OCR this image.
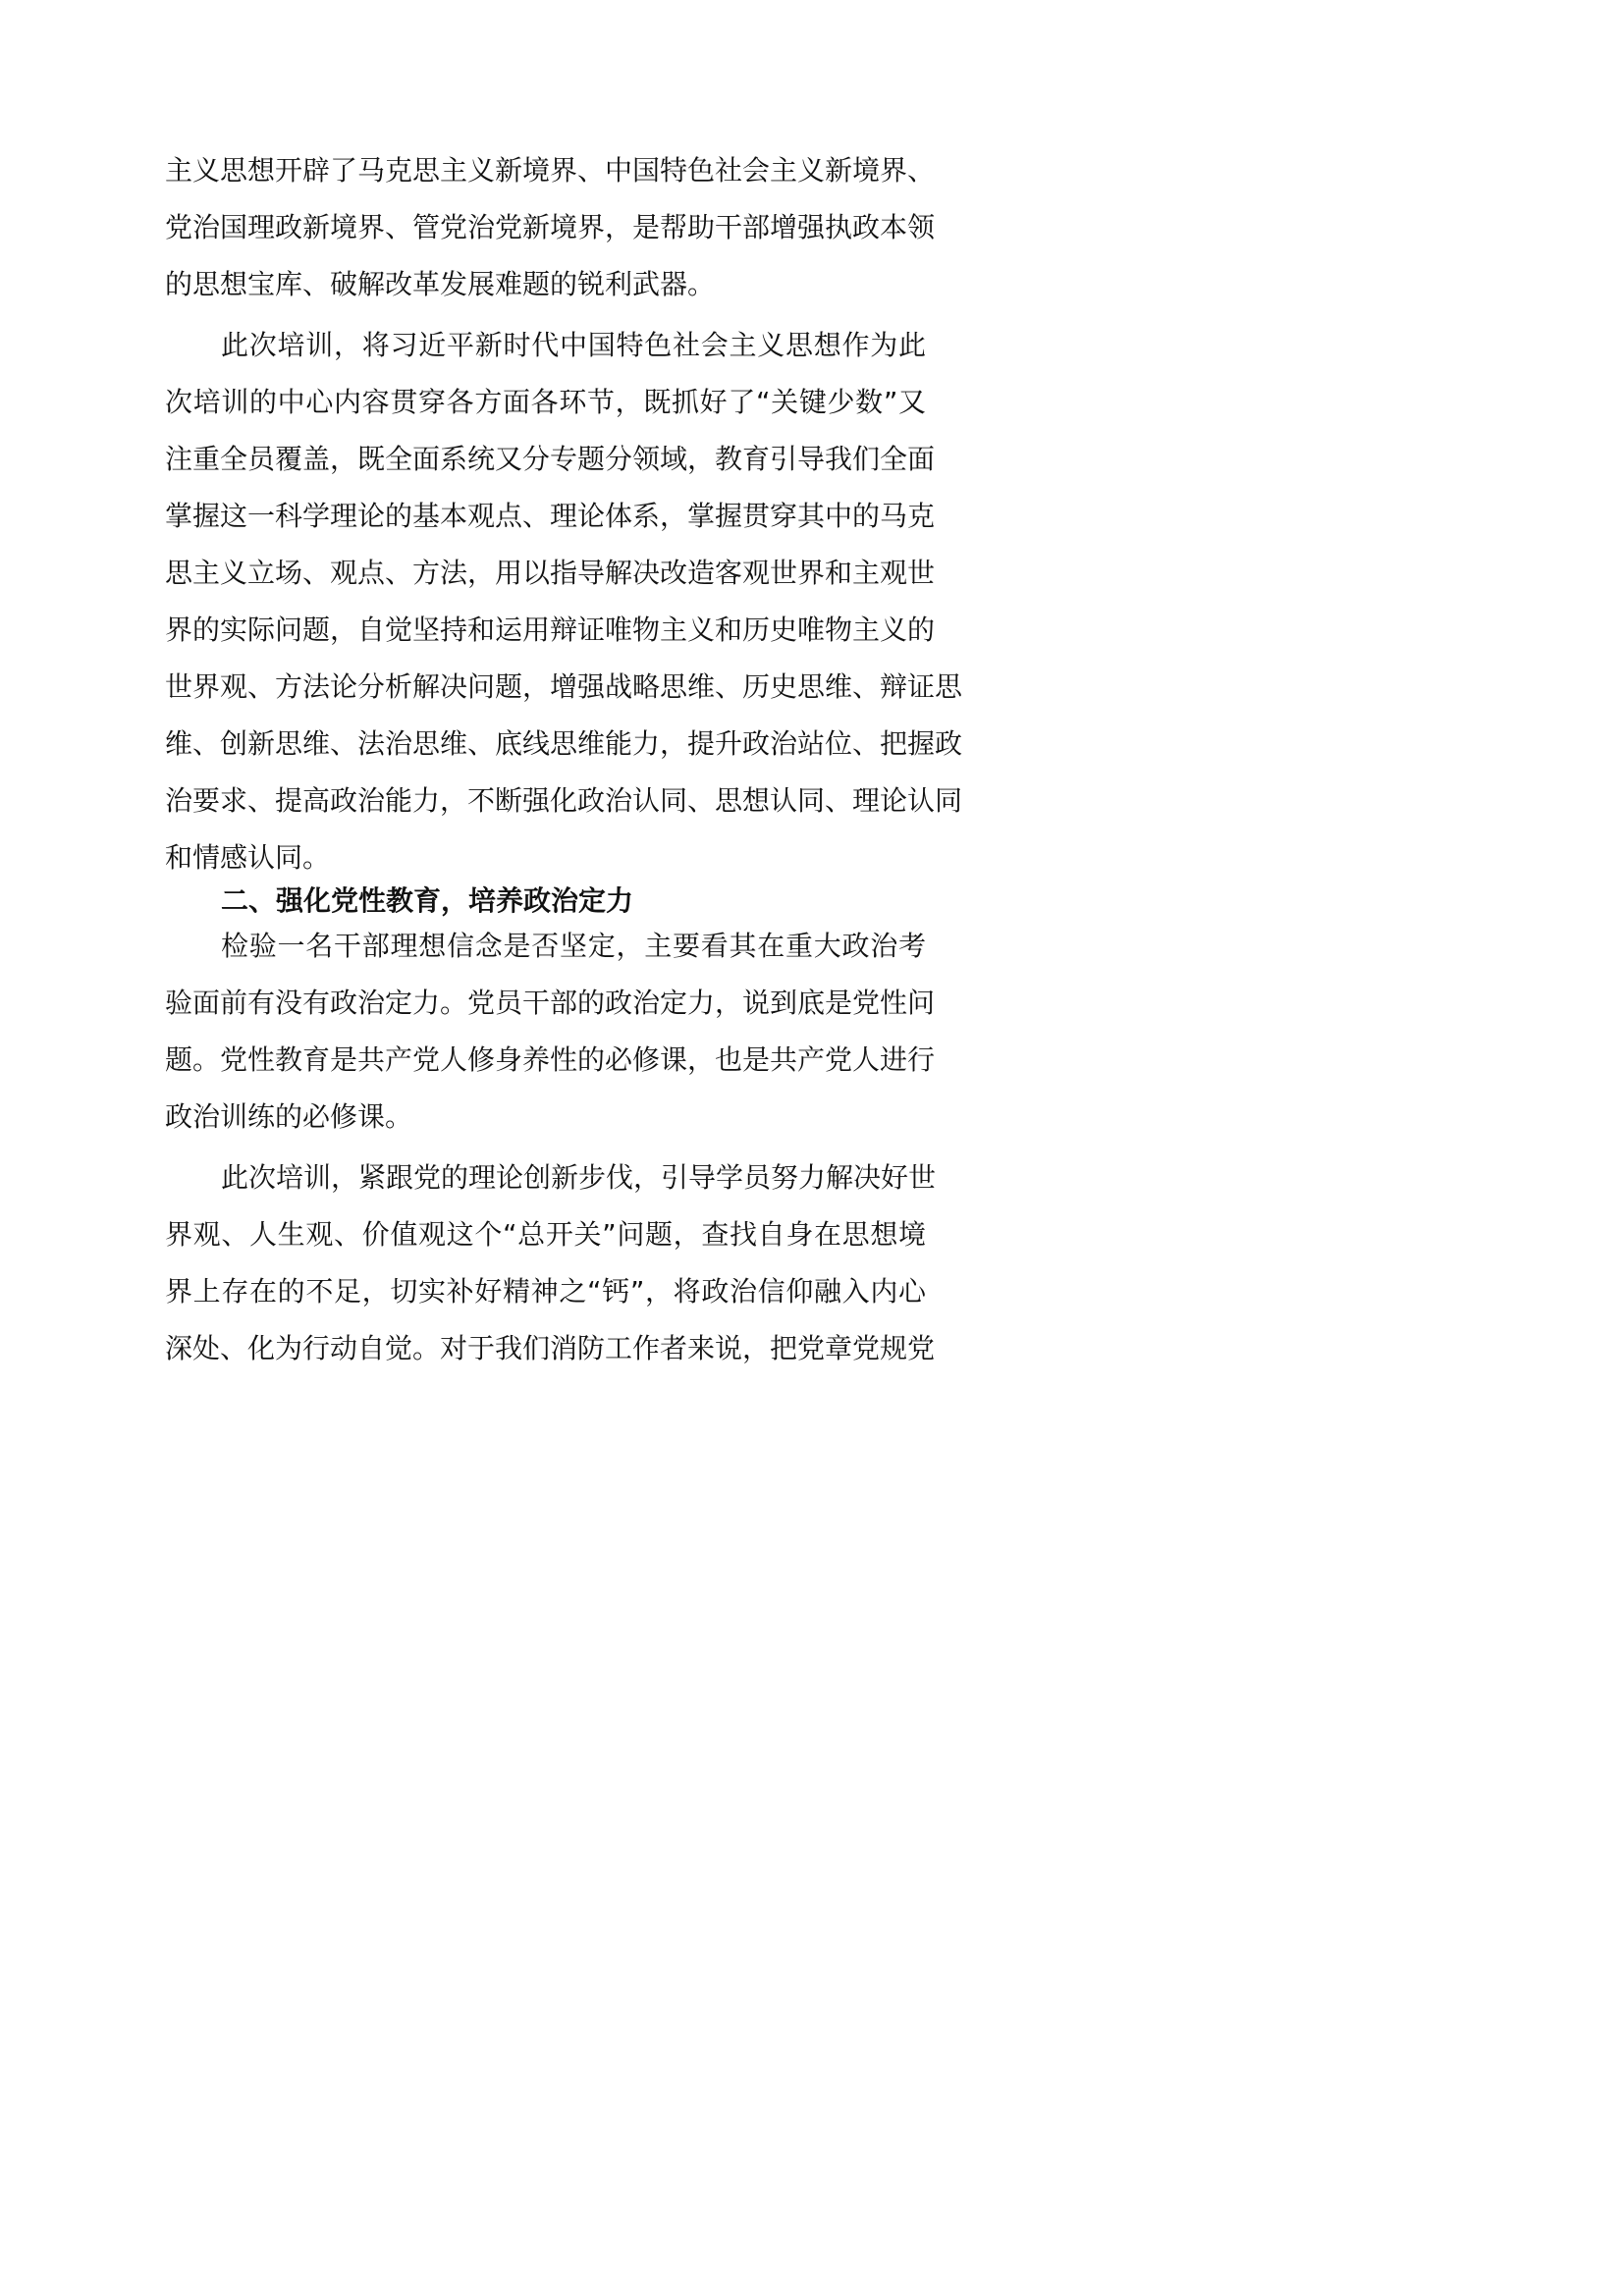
主义思想开辟了马克思主义新境界、中国特色社会主义新境界、

党治国理政新境界、管党治党新境界，是帮助干部增强执政本领

的思想宝库、破解改革发展难题的锐利武器。

此次培训，将习近平新时代中国特色社会主义思想作为此

次培训的中心内容贯穿各方面各环节，既抓好了“关键少数”又

注重全员覆盖，既全面系统又分专题分领域，教育引导我们全面

掌握这一科学理论的基本观点、理论体系，掌握贯穿其中的马克

思主义立场、观点、方法，用以指导解决改造客观世界和主观世

界的实际问题，自觉坚持和运用辩证唯物主义和历史唯物主义的

世界观、方法论分析解决问题，增强战略思维、历史思维、辩证思

维、创新思维、法治思维、底线思维能力，提升政治站位、把握政

治要求、提高政治能力，不断强化政治认同、思想认同、理论认同

和情感认同。

二、强化党性教育，培养政治定力

检验一名干部理想信念是否坚定，主要看其在重大政治考

验面前有没有政治定力。党员干部的政治定力，说到底是党性问

题。党性教育是共产党人修身养性的必修课，也是共产党人进行

政治训练的必修课。

此次培训，紧跟党的理论创新步伐，引导学员努力解决好世

界观、人生观、价值观这个“总开关”问题，查找自身在思想境

界上存在的不足，切实补好精神之“钙”，将政治信仰融入内心

深处、化为行动自觉。对于我们消防工作者来说，把党章党规党
